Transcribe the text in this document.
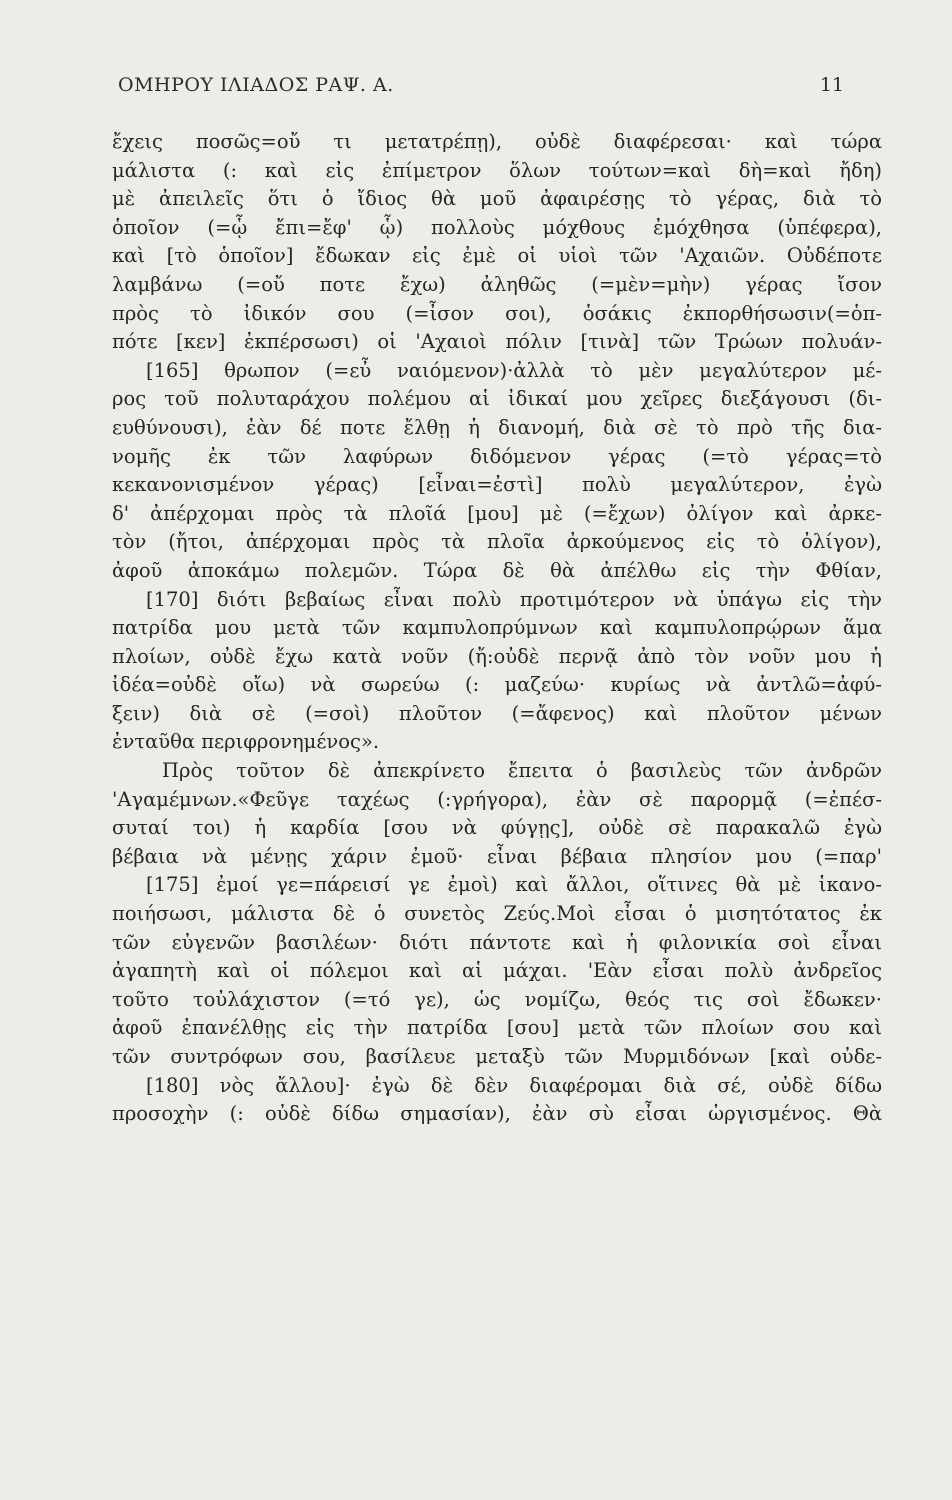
ΟΜΗΡΟΥ ΙΛΙΑΔΟΣ ΡΑΨ. Α.	11
ἔχεις ποσῶς=οὔ τι μετατρέπῃ), οὐδὲ διαφέρεσαι· καὶ τώρα
μάλιστα (: καὶ εἰς ἐπίμετρον ὅλων τούτων=καὶ δὴ=καὶ ἤδη)
μὲ ἀπειλεῖς ὅτι ὁ ἴδιος θὰ μοῦ ἀφαιρέσῃς τὸ γέρας, διὰ τὸ
ὁποῖον (=ᾧ ἔπι=ἔφ' ᾧ) πολλοὺς μόχθους ἐμόχθησα (ὑπέφερα),
καὶ [τὸ ὁποῖον] ἔδωκαν εἰς ἐμὲ οἱ υἱοὶ τῶν 'Αχαιῶν. Οὐδέποτε
λαμβάνω (=οὔ ποτε ἔχω) ἀληθῶς (=μὲν=μὴν) γέρας ἴσον
πρὸς τὸ ἰδικόν σου (=ἶσον σοι), ὁσάκις ἐκπορθήσωσιν(=ὁπ-
πότε [κεν] ἐκπέρσωσι) οἱ 'Αχαιοὶ πόλιν [τινὰ] τῶν Τρώων πολυάν-
[165] θρωπον (=εὖ ναιόμενον)·ἀλλὰ τὸ μὲν μεγαλύτερον μέ-
ρος τοῦ πολυταράχου πολέμου αἱ ἰδικαί μου χεῖρες διεξάγουσι (δι-
ευθύνουσι), ἐὰν δέ ποτε ἔλθῃ ἡ διανομή, διὰ σὲ τὸ πρὸ τῆς δια-
νομῆς ἐκ τῶν λαφύρων διδόμενον γέρας (=τὸ γέρας=τὸ
κεκανονισμένον γέρας) [εἶναι=ἐστὶ] πολὺ μεγαλύτερον, ἐγὼ
δ' ἀπέρχομαι πρὸς τὰ πλοῖά [μου] μὲ (=ἔχων) ὀλίγον καὶ ἀρκε-
τὸν (ἤτοι, ἀπέρχομαι πρὸς τὰ πλοῖα ἀρκούμενος εἰς τὸ ὀλίγον),
ἀφοῦ ἀποκάμω πολεμῶν. Τώρα δὲ θὰ ἀπέλθω εἰς τὴν Φθίαν,
[170] διότι βεβαίως εἶναι πολὺ προτιμότερον νὰ ὑπάγω εἰς τὴν
πατρίδα μου μετὰ τῶν καμπυλοπρύμνων καὶ καμπυλοπρῴρων ἅμα
πλοίων, οὐδὲ ἔχω κατὰ νοῦν (ἤ:οὐδὲ περνᾷ ἀπὸ τὸν νοῦν μου ἡ
ἰδέα=οὐδὲ οἴω) νὰ σωρεύω (: μαζεύω· κυρίως νὰ ἀντλῶ=ἀφύ-
ξειν) διὰ σὲ (=σοὶ) πλοῦτον (=ἄφενος) καὶ πλοῦτον μένων
ἐνταῦθα περιφρονημένος».
Πρὸς τοῦτον δὲ ἀπεκρίνετο ἔπειτα ὁ βασιλεὺς τῶν ἀνδρῶν
'Αγαμέμνων.«Φεῦγε ταχέως (:γρήγορα), ἐὰν σὲ παρορμᾷ (=ἐπέσ-
συταί τοι) ἡ καρδία [σου νὰ φύγῃς], οὐδὲ σὲ παρακαλῶ ἐγὼ
βέβαια νὰ μένῃς χάριν ἐμοῦ· εἶναι βέβαια πλησίον μου (=παρ'
[175] ἐμοί γε=πάρεισί γε ἐμοὶ) καὶ ἄλλοι, οἵτινες θὰ μὲ ἱκανο-
ποιήσωσι, μάλιστα δὲ ὁ συνετὸς Ζεύς.Μοὶ εἶσαι ὁ μισητότατος ἐκ
τῶν εὐγενῶν βασιλέων· διότι πάντοτε καὶ ἡ φιλονικία σοὶ εἶναι
ἀγαπητὴ καὶ οἱ πόλεμοι καὶ αἱ μάχαι. 'Εὰν εἶσαι πολὺ ἀνδρεῖος
τοῦτο τοὐλάχιστον (=τό γε), ὡς νομίζω, θεός τις σοὶ ἔδωκεν·
ἀφοῦ ἐπανέλθῃς εἰς τὴν πατρίδα [σου] μετὰ τῶν πλοίων σου καὶ
τῶν συντρόφων σου, βασίλευε μεταξὺ τῶν Μυρμιδόνων [καὶ οὐδε-
[180] νὸς ἄλλου]· ἐγὼ δὲ δὲν διαφέρομαι διὰ σέ, οὐδὲ δίδω
προσοχὴν (: οὐδὲ δίδω σημασίαν), ἐὰν σὺ εἶσαι ὠργισμένος. Θὰ
